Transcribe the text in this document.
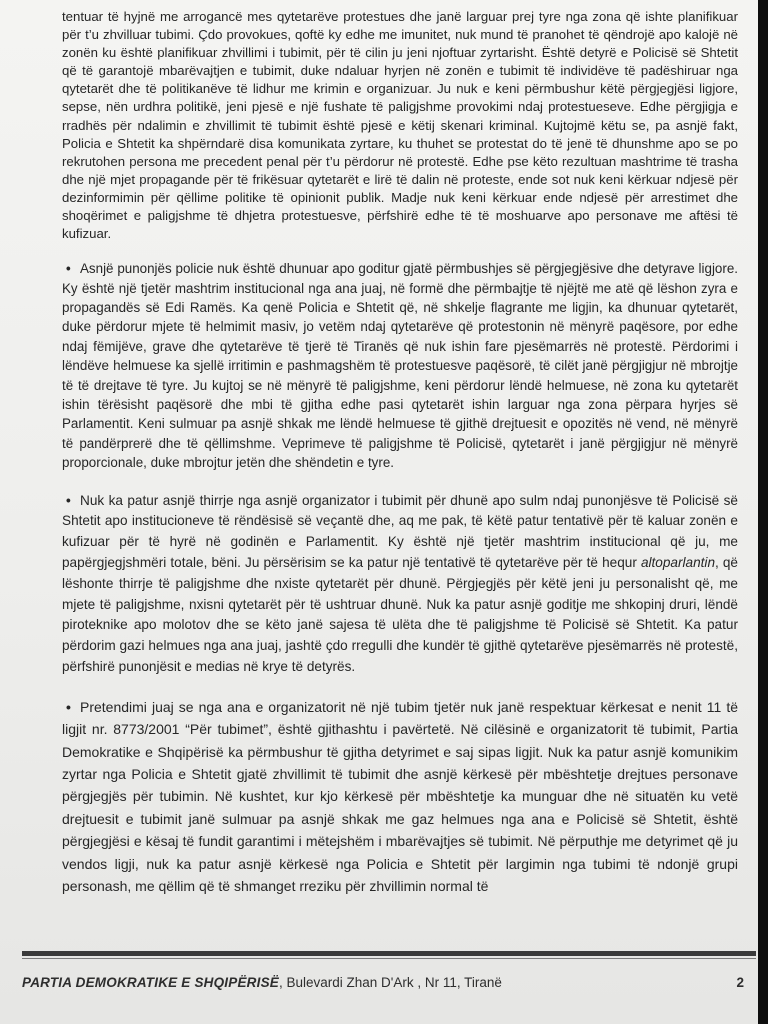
tentuar të hyjnë me arrogancë mes qytetarëve protestues dhe janë larguar prej tyre nga zona që ishte planifikuar për t’u zhvilluar tubimi. Çdo provokues, qoftë ky edhe me imunitet, nuk mund të pranohet të qëndrojë apo kalojë në zonën ku është planifikuar zhvillimi i tubimit, për të cilin ju jeni njoftuar zyrtarisht. Është detyrë e Policisë së Shtetit që të garantojë mbarëvajtjen e tubimit, duke ndaluar hyrjen në zonën e tubimit të individëve të padëshiruar nga qytetarët dhe të politikanëve të lidhur me krimin e organizuar. Ju nuk e keni përmbushur këtë përgjegjësi ligjore, sepse, nën urdhra politikë, jeni pjesë e një fushate të paligjshme provokimi ndaj protestueseve. Edhe përgjigja e rradhës për ndalimin e zhvillimit të tubimit është pjesë e këtij skenari kriminal. Kujtojmë këtu se, pa asnjë fakt, Policia e Shtetit ka shpërndarë disa komunikata zyrtare, ku thuhet se protestat do të jenë të dhunshme apo se po rekrutohen persona me precedent penal për t’u përdorur në protestë. Edhe pse këto rezultuan mashtrime të trasha dhe një mjet propagande për të frikësuar qytetarët e lirë të dalin në proteste, ende sot nuk keni kërkuar ndjesë për dezinformimin për qëllime politike të opinionit publik. Madje nuk keni kërkuar ende ndjesë për arrestimet dhe shoqërimet e paligjshme të dhjetra protestuesve, përfshirë edhe të të moshuarve apo personave me aftësi të kufizuar.

• Asnjë punonjës policie nuk është dhunuar apo goditur gjatë përmbushjes së përgjegjësive dhe detyrave ligjore. Ky është një tjetër mashtrim institucional nga ana juaj, në formë dhe përmbajtje të njëjtë me atë që lëshon zyra e propagandës së Edi Ramës. Ka qenë Policia e Shtetit që, në shkelje flagrante me ligjin, ka dhunuar qytetarët, duke përdorur mjete të helmimit masiv, jo vetëm ndaj qytetarëve që protestonin në mënyrë paqësore, por edhe ndaj fëmijëve, grave dhe qytetarëve të tjerë të Tiranës që nuk ishin fare pjesëmarrës në protestë. Përdorimi i lëndëve helmuese ka sjellë irritimin e pashmagshëm të protestuesve paqësorë, të cilët janë përgjigjur në mbrojtje të të drejtave të tyre. Ju kujtoj se në mënyrë të paligjshme, keni përdorur lëndë helmuese, në zona ku qytetarët ishin tërësisht paqësorë dhe mbi të gjitha edhe pasi qytetarët ishin larguar nga zona përpara hyrjes së Parlamentit. Keni sulmuar pa asnjë shkak me lëndë helmuese të gjithë drejtuesit e opozitës në vend, në mënyrë të pandërprerë dhe të qëllimshme. Veprimeve të paligjshme të Policisë, qytetarët i janë përgjigjur në mënyrë proporcionale, duke mbrojtur jetën dhe shëndetin e tyre.

• Nuk ka patur asnjë thirrje nga asnjë organizator i tubimit për dhunë apo sulm ndaj punonjësve të Policisë së Shtetit apo institucioneve të rëndësisë së veçantë dhe, aq me pak, të këtë patur tentativë për të kaluar zonën e kufizuar për të hyrë në godinën e Parlamentit. Ky është një tjetër mashtrim institucional që ju, me papërgjegjshmëri totale, bëni. Ju përsërisim se ka patur një tentativë të qytetarëve për të hequr altoparlantin, që lëshonte thirrje të paligjshme dhe nxiste qytetarët për dhunë. Përgjegjës për këtë jeni ju personalisht që, me mjete të paligjshme, nxisni qytetarët për të ushtruar dhunë. Nuk ka patur asnjë goditje me shkopinj druri, lëndë piroteknike apo molotov dhe se këto janë sajesa të ulëta dhe të paligjshme të Policisë së Shtetit. Ka patur përdorim gazi helmues nga ana juaj, jashtë çdo rregulli dhe kundër të gjithë qytetarëve pjesëmarrës në protestë, përfshirë punonjësit e medias në krye të detyrës.

• Pretendimi juaj se nga ana e organizatorit në një tubim tjetër nuk janë respektuar kërkesat e nenit 11 të ligjit nr. 8773/2001 “Për tubimet”, është gjithashtu i pavërtetë. Në cilësinë e organizatorit të tubimit, Partia Demokratike e Shqipërisë ka përmbushur të gjitha detyrimet e saj sipas ligjit. Nuk ka patur asnjë komunikim zyrtar nga Policia e Shtetit gjatë zhvillimit të tubimit dhe asnjë kërkesë për mbështetje drejtues personave përgjegjës për tubimin. Në kushtet, kur kjo kërkesë për mbështetje ka munguar dhe në situatën ku vetë drejtuesit e tubimit janë sulmuar pa asnjë shkak me gaz helmues nga ana e Policisë së Shtetit, është përgjegjësi e kësaj të fundit garantimi i mëtejshëm i mbarëvajtjes së tubimit. Në përputhje me detyrimet që ju vendos ligji, nuk ka patur asnjë kërkesë nga Policia e Shtetit për largimin nga tubimi të ndonjë grupi personash, me qëllim që të shmanget rreziku për zhvillimin normal të

PARTIA DEMOKRATIKE E SHQIPËRISË, Bulevardi Zhan D'Ark , Nr 11, Tiranë	2
